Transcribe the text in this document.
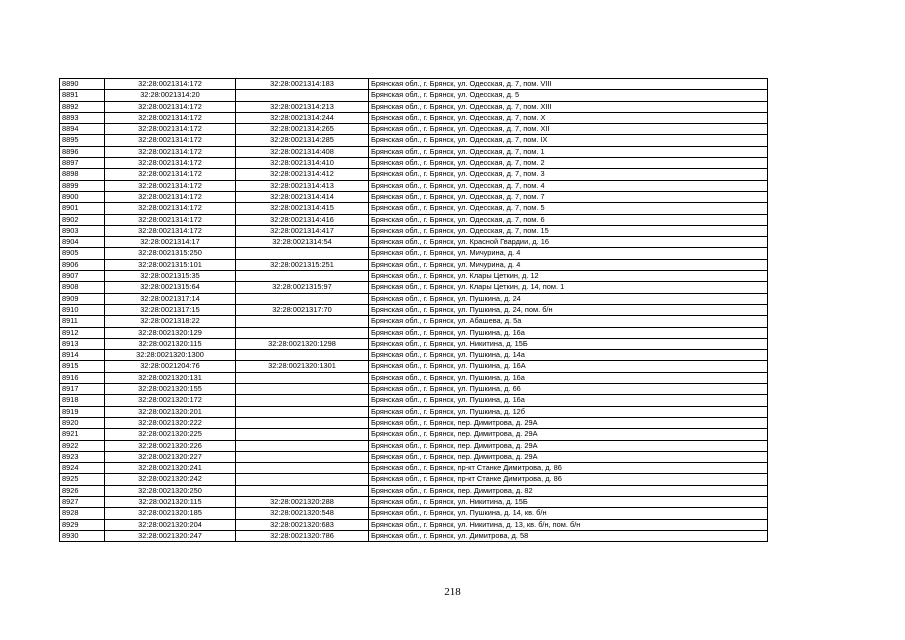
8890	32:28:0021314:172	32:28:0021314:183	Брянская обл., г. Брянск, ул. Одесская, д. 7, пом. VIII
8891	32:28:0021314:20		Брянская обл., г. Брянск, ул. Одесская, д. 5
8892	32:28:0021314:172	32:28:0021314:213	Брянская обл., г. Брянск, ул. Одесская, д. 7, пом. XIII
8893	32:28:0021314:172	32:28:0021314:244	Брянская обл., г. Брянск, ул. Одесская, д. 7, пом. X
8894	32:28:0021314:172	32:28:0021314:265	Брянская обл., г. Брянск, ул. Одесская, д. 7, пом. XII
8895	32:28:0021314:172	32:28:0021314:285	Брянская обл., г. Брянск, ул. Одесская, д. 7, пом. IX
8896	32:28:0021314:172	32:28:0021314:408	Брянская обл., г. Брянск, ул. Одесская, д. 7, пом. 1
8897	32:28:0021314:172	32:28:0021314:410	Брянская обл., г. Брянск, ул. Одесская, д. 7, пом. 2
8898	32:28:0021314:172	32:28:0021314:412	Брянская обл., г. Брянск, ул. Одесская, д. 7, пом. 3
8899	32:28:0021314:172	32:28:0021314:413	Брянская обл., г. Брянск, ул. Одесская, д. 7, пом. 4
8900	32:28:0021314:172	32:28:0021314:414	Брянская обл., г. Брянск, ул. Одесская, д. 7, пом. 7
8901	32:28:0021314:172	32:28:0021314:415	Брянская обл., г. Брянск, ул. Одесская, д. 7, пом. 5
8902	32:28:0021314:172	32:28:0021314:416	Брянская обл., г. Брянск, ул. Одесская, д. 7, пом. 6
8903	32:28:0021314:172	32:28:0021314:417	Брянская обл., г. Брянск, ул. Одесская, д. 7, пом. 15
8904	32:28:0021314:17	32:28:0021314:54	Брянская обл., г. Брянск, ул. Красной Гвардии, д. 16
8905	32:28:0021315:250		Брянская обл., г. Брянск, ул. Мичурина, д. 4
8906	32:28:0021315:101	32:28:0021315:251	Брянская обл., г. Брянск, ул. Мичурина, д. 4
8907	32:28:0021315:35		Брянская обл., г. Брянск, ул. Клары Цеткин, д. 12
8908	32:28:0021315:64	32:28:0021315:97	Брянская обл., г. Брянск, ул. Клары Цеткин, д. 14, пом. 1
8909	32:28:0021317:14		Брянская обл., г. Брянск, ул. Пушкина, д. 24
8910	32:28:0021317:15	32:28:0021317:70	Брянская обл., г. Брянск, ул. Пушкина, д. 24, пом. б/н
8911	32:28:0021318:22		Брянская обл., г. Брянск, ул. Абашева, д. 5а
8912	32:28:0021320:129		Брянская обл., г. Брянск, ул. Пушкина, д. 16а
8913	32:28:0021320:115	32:28:0021320:1298	Брянская обл., г. Брянск, ул. Никитина, д. 15Б
8914	32:28:0021320:1300		Брянская обл., г. Брянск, ул. Пушкина, д. 14а
8915	32:28:0021204:76	32:28:0021320:1301	Брянская обл., г. Брянск, ул. Пушкина, д. 16А
8916	32:28:0021320:131		Брянская обл., г. Брянск, ул. Пушкина, д. 16а
8917	32:28:0021320:155		Брянская обл., г. Брянск, ул. Пушкина, д. 66
8918	32:28:0021320:172		Брянская обл., г. Брянск, ул. Пушкина, д. 16а
8919	32:28:0021320:201		Брянская обл., г. Брянск, ул. Пушкина, д. 12б
8920	32:28:0021320:222		Брянская обл., г. Брянск, пер. Димитрова, д. 29А
8921	32:28:0021320:225		Брянская обл., г. Брянск, пер. Димитрова, д. 29А
8922	32:28:0021320:226		Брянская обл., г. Брянск, пер. Димитрова, д. 29А
8923	32:28:0021320:227		Брянская обл., г. Брянск, пер. Димитрова, д. 29А
8924	32:28:0021320:241		Брянская обл., г. Брянск, пр-кт Станке Димитрова, д. 86
8925	32:28:0021320:242		Брянская обл., г. Брянск, пр-кт Станке Димитрова, д. 86
8926	32:28:0021320:250		Брянская обл., г. Брянск, пер. Димитрова, д. 82
8927	32:28:0021320:115	32:28:0021320:288	Брянская обл., г. Брянск, ул. Никитина, д. 15Б
8928	32:28:0021320:185	32:28:0021320:548	Брянская обл., г. Брянск, ул. Пушкина, д. 14, кв. б/н
8929	32:28:0021320:204	32:28:0021320:683	Брянская обл., г. Брянск, ул. Никитина, д. 13, кв. б/н, пом. б/н
8930	32:28:0021320:247	32:28:0021320:786	Брянская обл., г. Брянск, ул. Димитрова, д. 58
218
